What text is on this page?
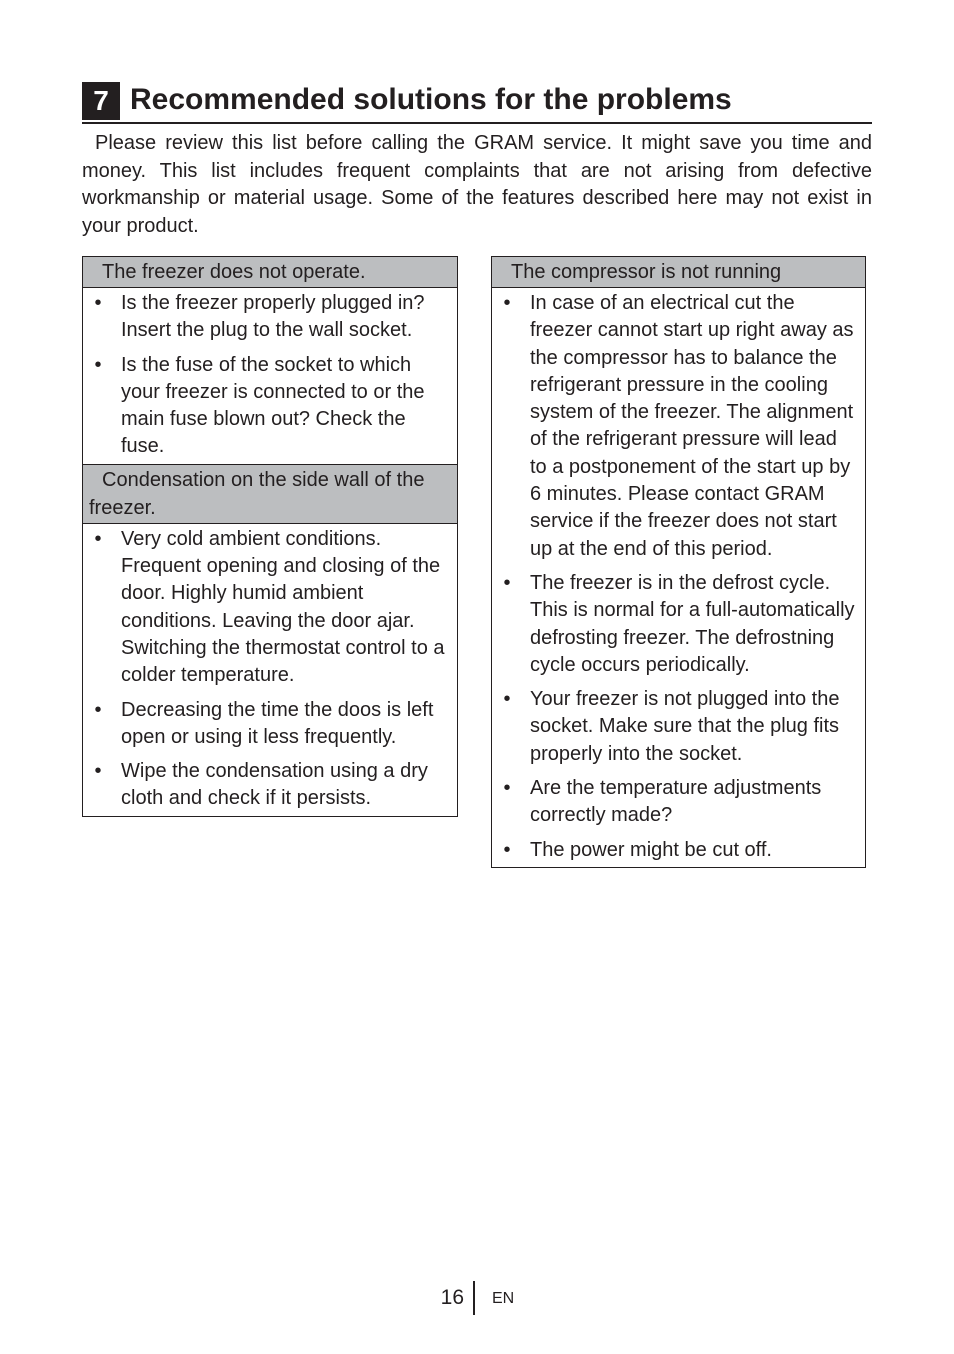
7 Recommended solutions for the problems

Please review this list before calling the GRAM service. It might save you time and money. This list includes frequent complaints that are not arising from defective workmanship or material usage. Some of the features described here may not exist in your product.

The freezer does not operate.
• Is the freezer properly plugged in? Insert the plug to the wall socket.
• Is the fuse of the socket to which your freezer is connected to or the main fuse blown out? Check the fuse.
Condensation on the side wall of the freezer.
• Very cold ambient conditions. Frequent opening and closing of the door. Highly humid ambient conditions. Leaving the door ajar. Switching the thermostat control to a colder temperature.
• Decreasing the time the doos is left open or using it less frequently.
• Wipe the condensation using a dry cloth and check if it persists.
The compressor is not running
• In case of an electrical cut the freezer cannot start up right away as the compressor has to balance the refrigerant pressure in the cooling system of the freezer. The alignment of the refrigerant pressure will lead to a postponement of the start up by 6 minutes. Please contact GRAM service if the freezer does not start up at the end of this period.
• The freezer is in the defrost cycle. This is normal for a full-automatically defrosting freezer. The defrostning cycle occurs periodically.
• Your freezer is not plugged into the socket. Make sure that the plug fits properly into the socket.
• Are the temperature adjustments correctly made?
• The power might be cut off.
16 EN
